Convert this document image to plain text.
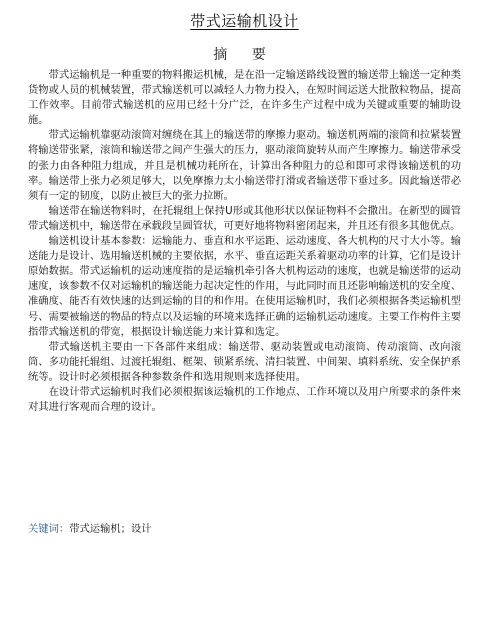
带式运输机设计
摘 要

带式运输机是一种重要的物料搬运机械，是在沿一定输送路线设置的输送带上输送一定种类货物或人员的机械装置，带式输送机可以减轻人力物力投入，在短时间运送大批散粒物品，提高工作效率。目前带式输送机的应用已经十分广泛，在许多生产过程中成为关键或重要的辅助设施。

带式运输机靠驱动滚筒对缠绕在其上的输送带的摩擦力驱动。输送机两端的滚筒和拉紧装置将输送带张紧，滚筒和输送带之间产生强大的压力，驱动滚筒旋转从而产生摩擦力。输送带承受的张力由各种阻力组成，并且是机械功耗所在，计算出各种阻力的总和即可求得该输送机的功率。输送带上张力必须足够大，以免摩擦力太小输送带打滑或者输送带下垂过多。因此输送带必须有一定的韧度，以防止被巨大的张力拉断。

输送带在输送物料时，在托辊组上保持U形或其他形状以保证物料不会撒出。在新型的圆管带式输送机中，输送带在承载段呈圆管状，可更好地将物料密闭起来，并且还有很多其他优点。

输送机设计基本参数：运输能力、垂直和水平运距、运动速度、各大机构的尺寸大小等。输送能力是设计、选用输送机械的主要依据，水平、垂直运距关系着驱动功率的计算，它们是设计原始数据。带式运输机的运动速度指的是运输机牵引各大机构运动的速度，也就是输送带的运动速度，该参数不仅对运输机的输送能力起决定性的作用，与此同时而且还影响输送机的安全度、准确度、能否有效快速的达到运输的目的和作用。在使用运输机时，我们必须根据各类运输机型号、需要被输送的物品的特点以及运输的环境来选择正确的运输机运动速度。主要工作构件主要指带式输送机的带宽，根据设计输送能力来计算和选定。

带式输送机主要由一下各部件来组成：输送带、驱动装置或电动滚筒、传动滚筒、改向滚筒、多功能托辊组、过渡托辊组、框架、锁紧系统、清扫装置、中间架、填料系统、安全保护系统等。设计时必须根据各种参数条件和选用规则来选择使用。

在设计带式运输机时我们必须根据该运输机的工作地点、工作环境以及用户所要求的条件来对其进行客观而合理的设计。

关键词：带式运输机；设计
